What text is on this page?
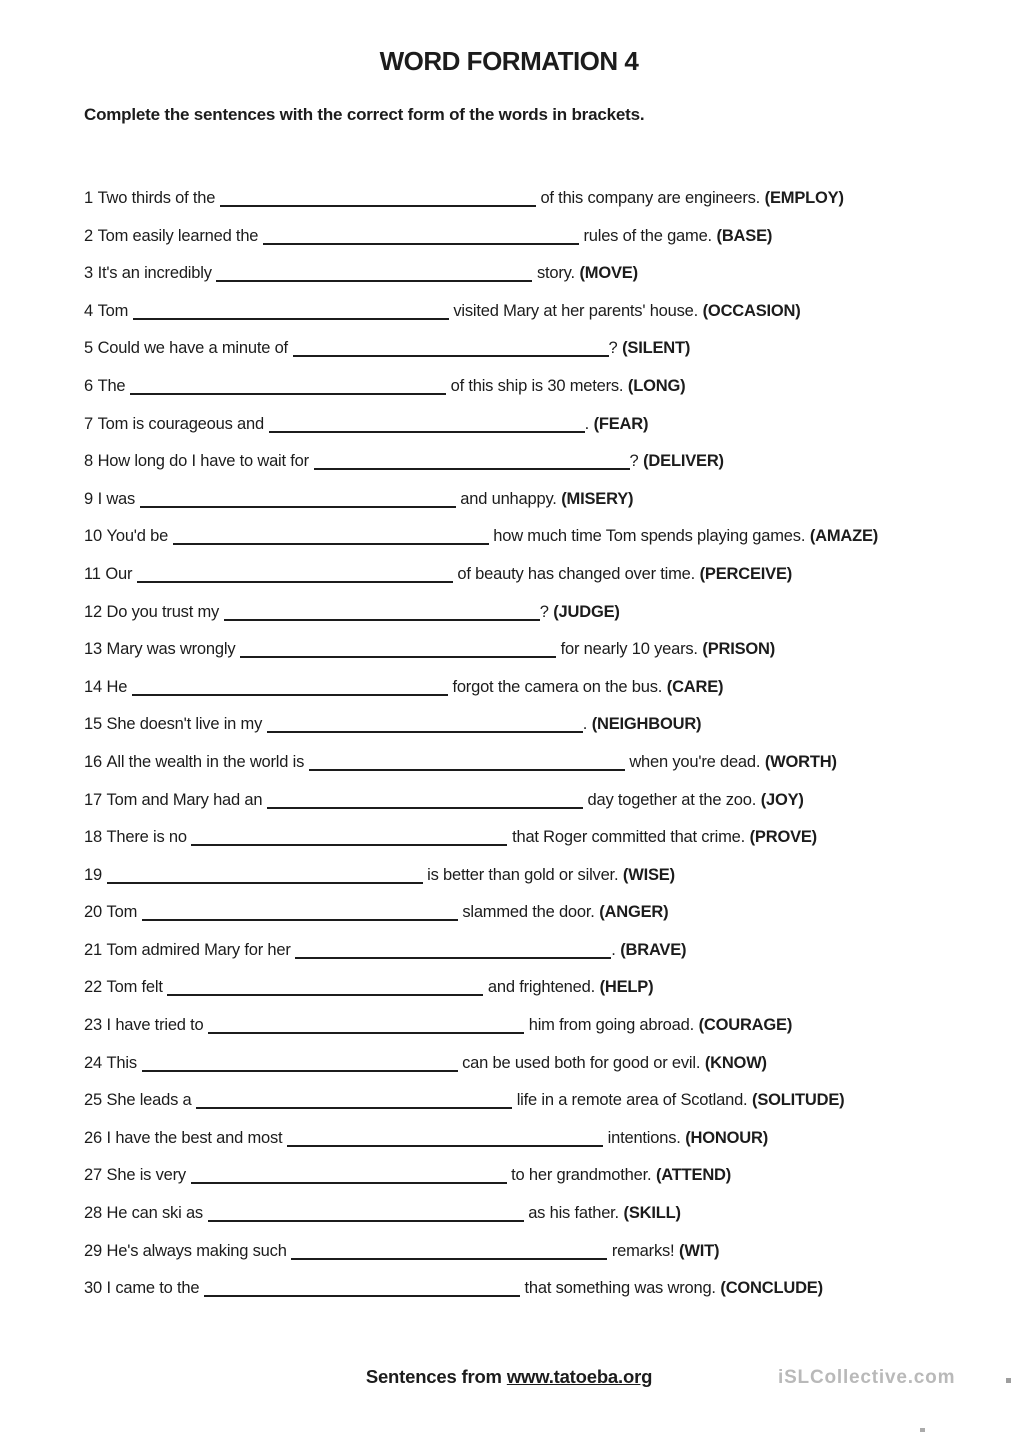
WORD FORMATION 4

Complete the sentences with the correct form of the words in brackets.

1 Two thirds of the	of this company are engineers. (EMPLOY)
2 Tom easily learned the	rules of the game. (BASE)
3 It's an incredibly	story. (MOVE)
4 Tom	visited Mary at her parents' house. (OCCASION)
5 Could we have a minute of	? (SILENT)
6 The	of this ship is 30 meters. (LONG)
7 Tom is courageous and	. (FEAR)
8 How long do I have to wait for	? (DELIVER)
9 I was	and unhappy. (MISERY)
10 You'd be	how much time Tom spends playing games. (AMAZE)
11 Our	of beauty has changed over time. (PERCEIVE)
12 Do you trust my	? (JUDGE)
13 Mary was wrongly	for nearly 10 years. (PRISON)
14 He	forgot the camera on the bus. (CARE)
15 She doesn't live in my	. (NEIGHBOUR)
16 All the wealth in the world is	when you're dead. (WORTH)
17 Tom and Mary had an	day together at the zoo. (JOY)
18 There is no	that Roger committed that crime. (PROVE)
19	is better than gold or silver. (WISE)
20 Tom	slammed the door. (ANGER)
21 Tom admired Mary for her	. (BRAVE)
22 Tom felt	and frightened. (HELP)
23 I have tried to	him from going abroad. (COURAGE)
24 This	can be used both for good or evil. (KNOW)
25 She leads a	life in a remote area of Scotland. (SOLITUDE)
26 I have the best and most	intentions. (HONOUR)
27 She is very	to her grandmother. (ATTEND)
28 He can ski as	as his father. (SKILL)
29 He's always making such	remarks! (WIT)
30 I came to the	that something was wrong. (CONCLUDE)
Sentences from www.tatoeba.org	iSLCollective.com
